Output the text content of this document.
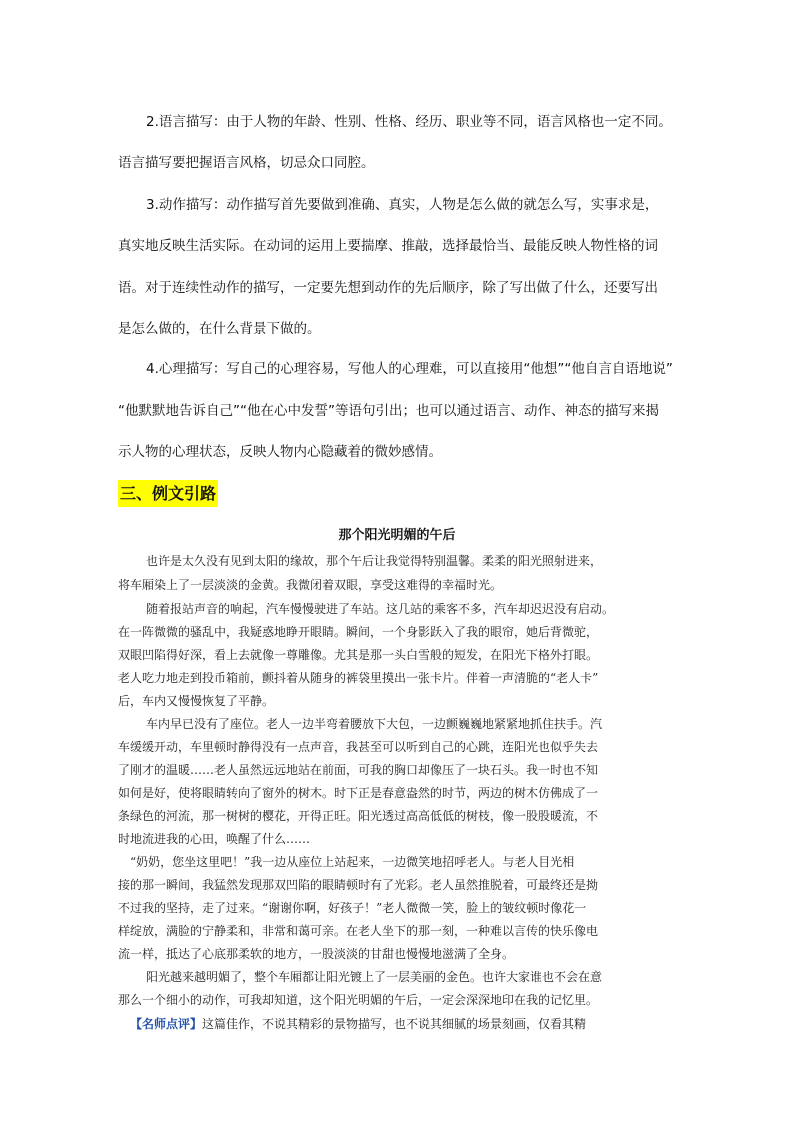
2.语言描写：由于人物的年龄、性别、性格、经历、职业等不同，语言风格也一定不同。
语言描写要把握语言风格，切忌众口同腔。
3.动作描写：动作描写首先要做到准确、真实，人物是怎么做的就怎么写，实事求是，
真实地反映生活实际。在动词的运用上要揣摩、推敲，选择最恰当、最能反映人物性格的词
语。对于连续性动作的描写，一定要先想到动作的先后顺序，除了写出做了什么，还要写出
是怎么做的，在什么背景下做的。
4.心理描写：写自己的心理容易，写他人的心理难，可以直接用“他想”“他自言自语地说”
“他默默地告诉自己”“他在心中发誓”等语句引出；也可以通过语言、动作、神态的描写来揭
示人物的心理状态，反映人物内心隐藏着的微妙感情。
三、例文引路
那个阳光明媚的午后
也许是太久没有见到太阳的缘故，那个午后让我觉得特别温馨。柔柔的阳光照射进来，
将车厢染上了一层淡淡的金黄。我微闭着双眼，享受这难得的幸福时光。
随着报站声音的响起，汽车慢慢驶进了车站。这几站的乘客不多，汽车却迟迟没有启动。
在一阵微微的骚乱中，我疑惑地睁开眼睛。瞬间，一个身影跃入了我的眼帘，她后背微驼，
双眼凹陷得好深，看上去就像一尊雕像。尤其是那一头白雪般的短发，在阳光下格外打眼。
老人吃力地走到投币箱前，颤抖着从随身的裤袋里摸出一张卡片。伴着一声清脆的“老人卡”
后，车内又慢慢恢复了平静。
车内早已没有了座位。老人一边半弯着腰放下大包，一边颤巍巍地紧紧地抓住扶手。汽
车缓缓开动，车里顿时静得没有一点声音，我甚至可以听到自己的心跳，连阳光也似乎失去
了刚才的温暖……老人虽然远远地站在前面，可我的胸口却像压了一块石头。我一时也不知
如何是好，使将眼睛转向了窗外的树木。时下正是春意盎然的时节，两边的树木仿佛成了一
条绿色的河流，那一树树的樱花，开得正旺。阳光透过高高低低的树枝，像一股股暖流，不
时地流进我的心田，唤醒了什么……
“奶奶，您坐这里吧！”我一边从座位上站起来，一边微笑地招呼老人。与老人目光相
接的那一瞬间，我猛然发现那双凹陷的眼睛顿时有了光彩。老人虽然推脱着，可最终还是拗
不过我的坚持，走了过来。“谢谢你啊，好孩子！”老人微微一笑，脸上的皱纹顿时像花一
样绽放，满脸的宁静柔和，非常和蔼可亲。在老人坐下的那一刻，一种难以言传的快乐像电
流一样，抵达了心底那柔软的地方，一股淡淡的甘甜也慢慢地滋满了全身。
阳光越来越明媚了，整个车厢都让阳光镀上了一层美丽的金色。也许大家谁也不会在意
那么一个细小的动作，可我却知道，这个阳光明媚的午后，一定会深深地印在我的记忆里。
【名师点评】这篇佳作，不说其精彩的景物描写，也不说其细腻的场景刻画，仅看其精
